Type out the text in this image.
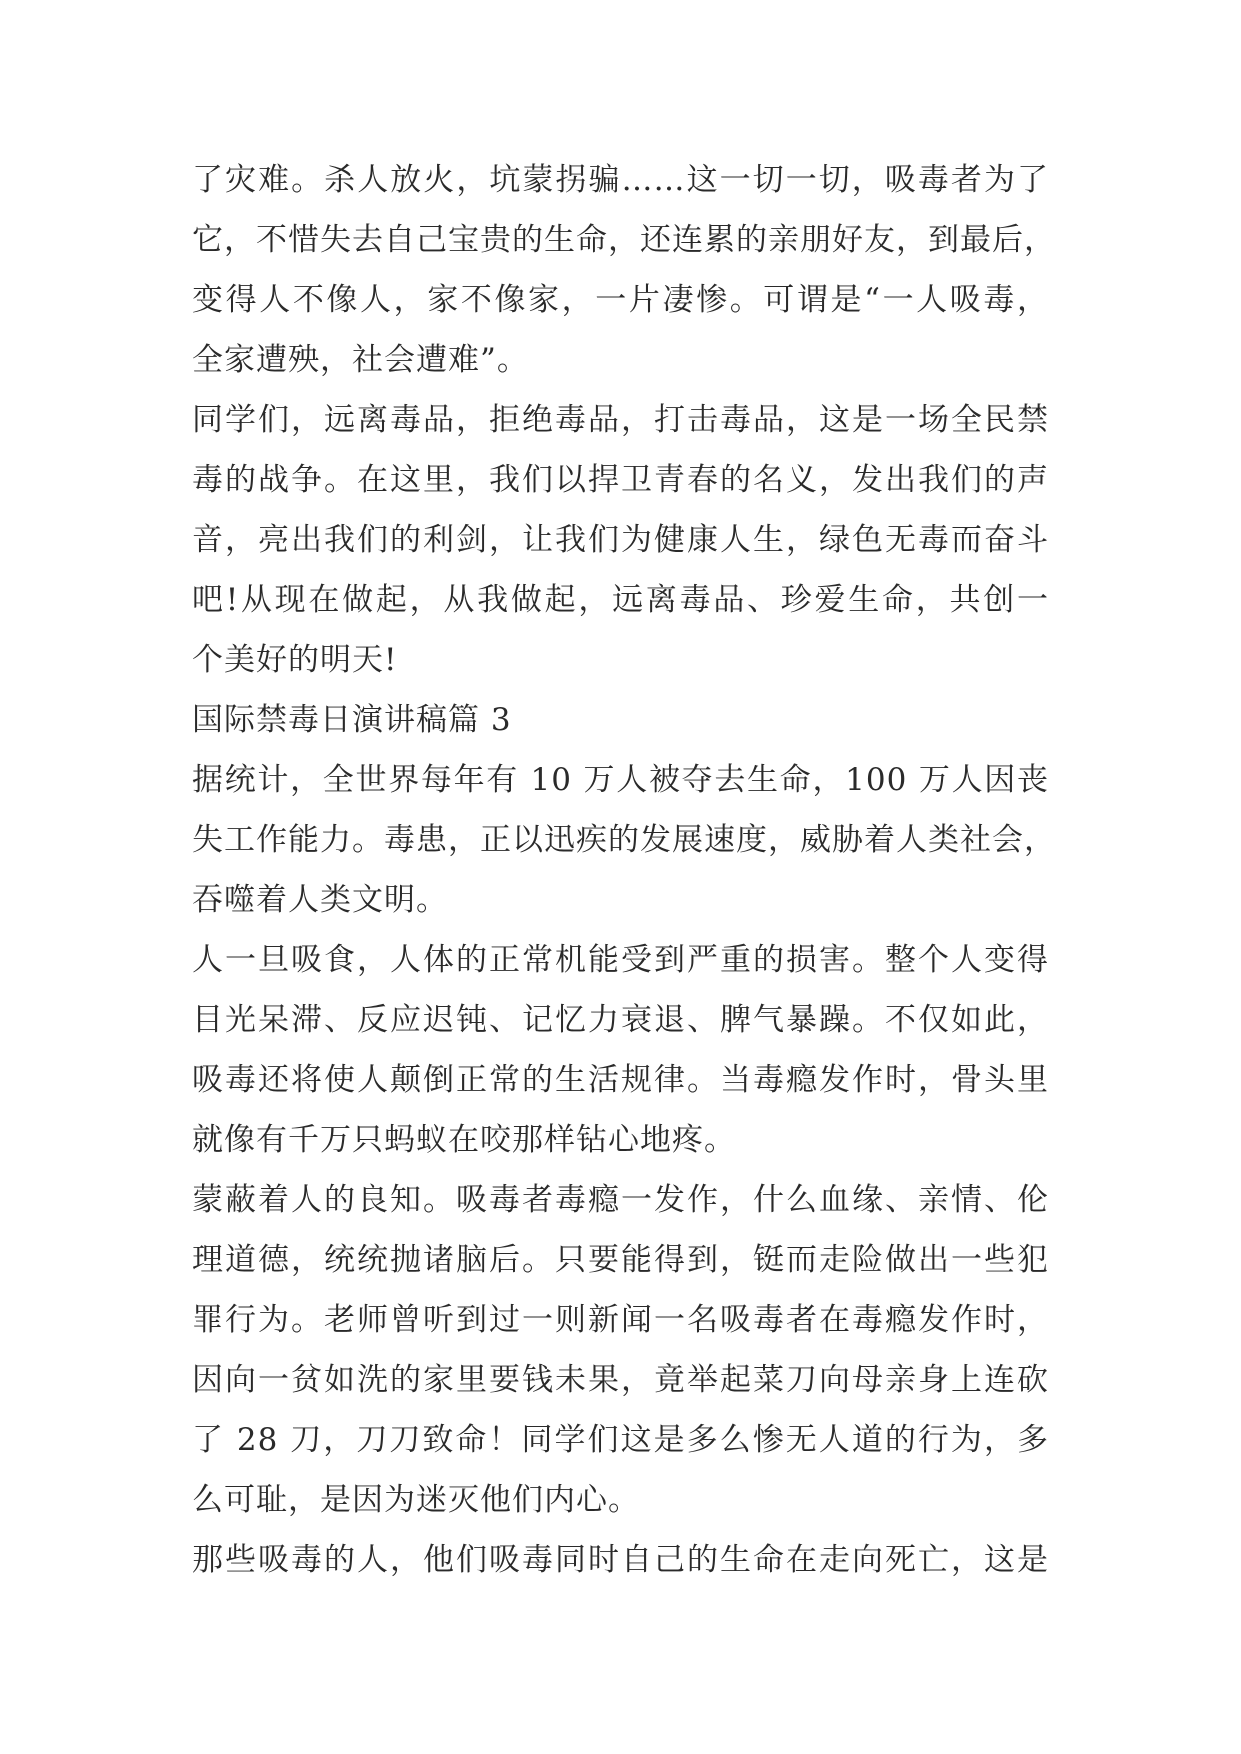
了灾难。杀人放火，坑蒙拐骗……这一切一切，吸毒者为了
它，不惜失去自己宝贵的生命，还连累的亲朋好友，到最后，
变得人不像人，家不像家，一片凄惨。可谓是“一人吸毒，
全家遭殃，社会遭难”。
同学们，远离毒品，拒绝毒品，打击毒品，这是一场全民禁
毒的战争。在这里，我们以捍卫青春的名义，发出我们的声
音，亮出我们的利剑，让我们为健康人生，绿色无毒而奋斗
吧!从现在做起，从我做起，远离毒品、珍爱生命，共创一
个美好的明天!
国际禁毒日演讲稿篇 3
据统计，全世界每年有 10 万人被夺去生命，100 万人因丧
失工作能力。毒患，正以迅疾的发展速度，威胁着人类社会，
吞噬着人类文明。
人一旦吸食，人体的正常机能受到严重的损害。整个人变得
目光呆滞、反应迟钝、记忆力衰退、脾气暴躁。不仅如此，
吸毒还将使人颠倒正常的生活规律。当毒瘾发作时，骨头里
就像有千万只蚂蚁在咬那样钻心地疼。
蒙蔽着人的良知。吸毒者毒瘾一发作，什么血缘、亲情、伦
理道德，统统抛诸脑后。只要能得到，铤而走险做出一些犯
罪行为。老师曾听到过一则新闻一名吸毒者在毒瘾发作时，
因向一贫如洗的家里要钱未果，竟举起菜刀向母亲身上连砍
了 28 刀，刀刀致命！同学们这是多么惨无人道的行为，多
么可耻，是因为迷灭他们内心。
那些吸毒的人，他们吸毒同时自己的生命在走向死亡，这是
